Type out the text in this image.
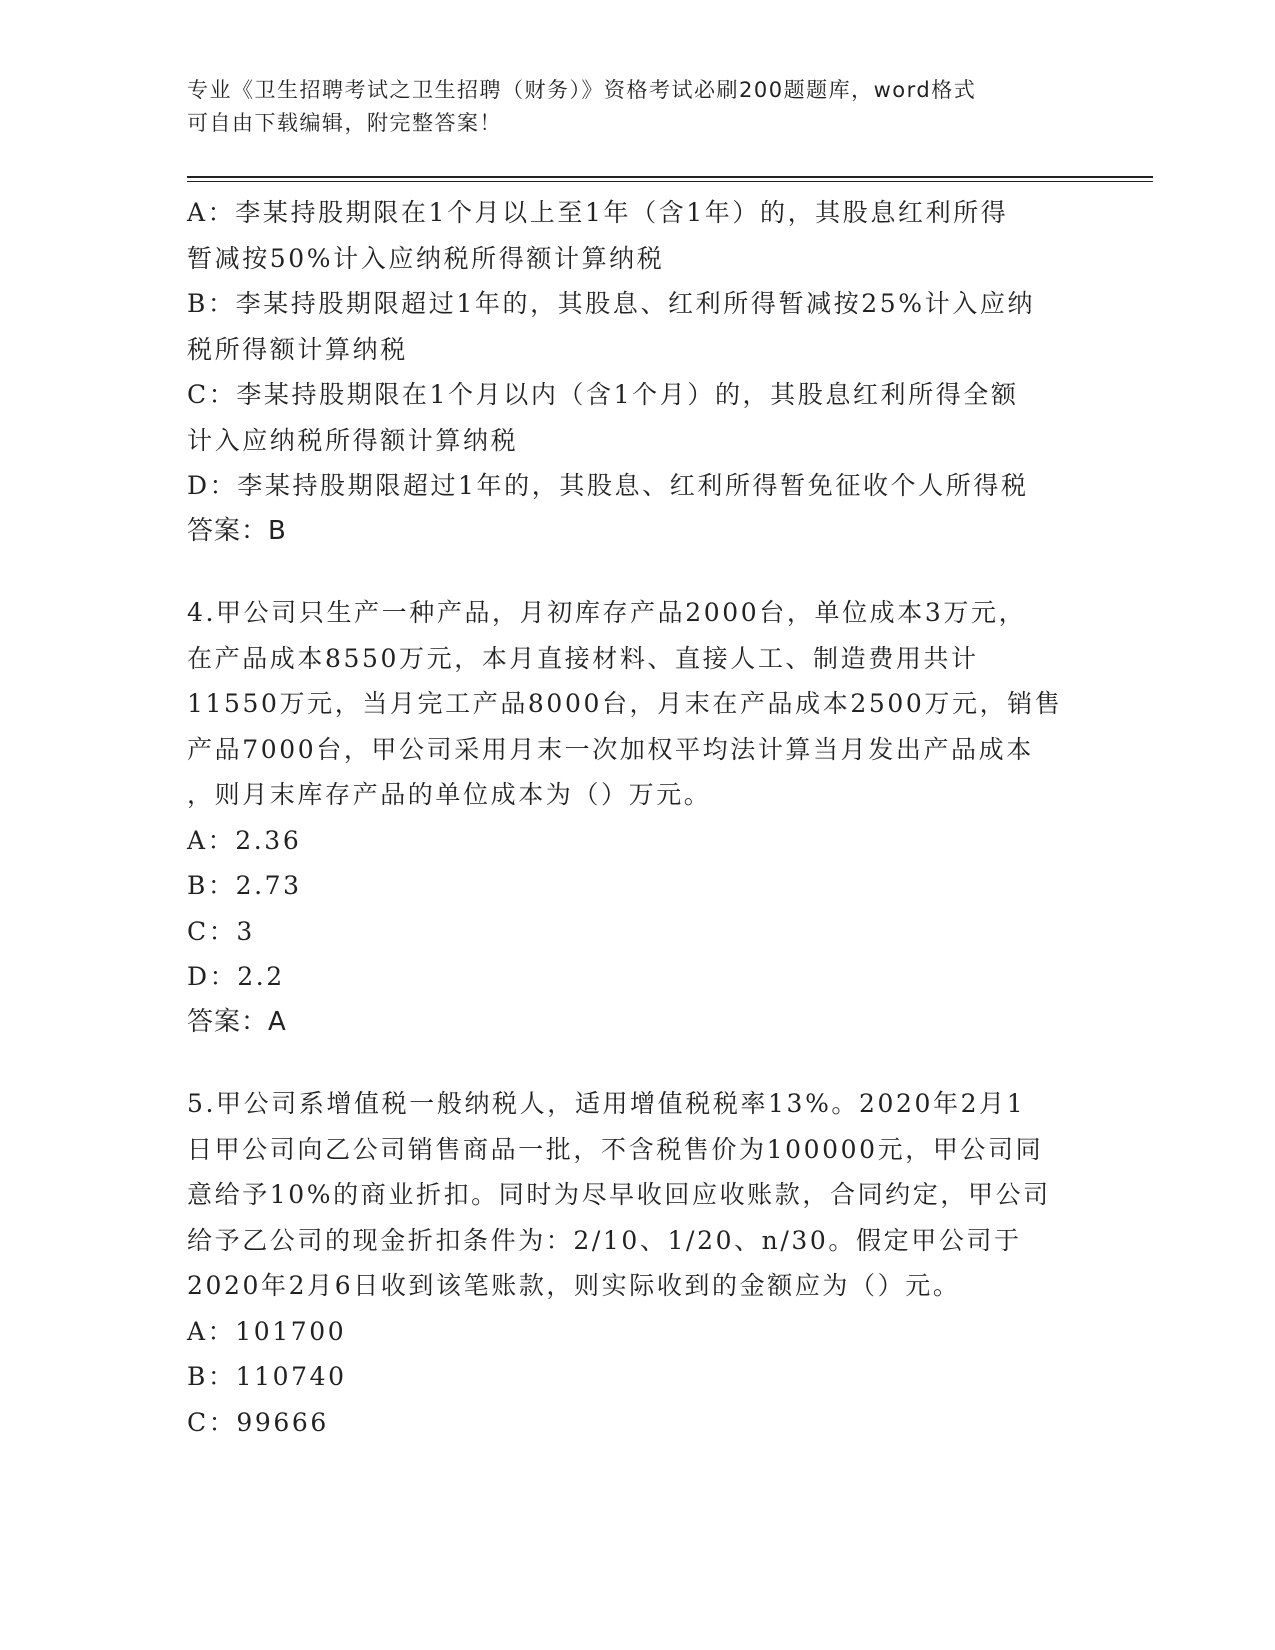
专业《卫生招聘考试之卫生招聘（财务）》资格考试必刷200题题库，word格式
可自由下载编辑，附完整答案！
A：李某持股期限在1个月以上至1年（含1年）的，其股息红利所得
暂减按50%计入应纳税所得额计算纳税
B：李某持股期限超过1年的，其股息、红利所得暂减按25%计入应纳
税所得额计算纳税
C：李某持股期限在1个月以内（含1个月）的，其股息红利所得全额
计入应纳税所得额计算纳税
D：李某持股期限超过1年的，其股息、红利所得暂免征收个人所得税
答案：B
4.甲公司只生产一种产品，月初库存产品2000台，单位成本3万元，
在产品成本8550万元，本月直接材料、直接人工、制造费用共计
11550万元，当月完工产品8000台，月末在产品成本2500万元，销售
产品7000台，甲公司采用月末一次加权平均法计算当月发出产品成本
，则月末库存产品的单位成本为（）万元。
A：2.36
B：2.73
C：3
D：2.2
答案：A
5.甲公司系增值税一般纳税人，适用增值税税率13%。2020年2月1
日甲公司向乙公司销售商品一批，不含税售价为100000元，甲公司同
意给予10%的商业折扣。同时为尽早收回应收账款，合同约定，甲公司
给予乙公司的现金折扣条件为：2/10、1/20、n/30。假定甲公司于
2020年2月6日收到该笔账款，则实际收到的金额应为（）元。
A：101700
B：110740
C：99666
